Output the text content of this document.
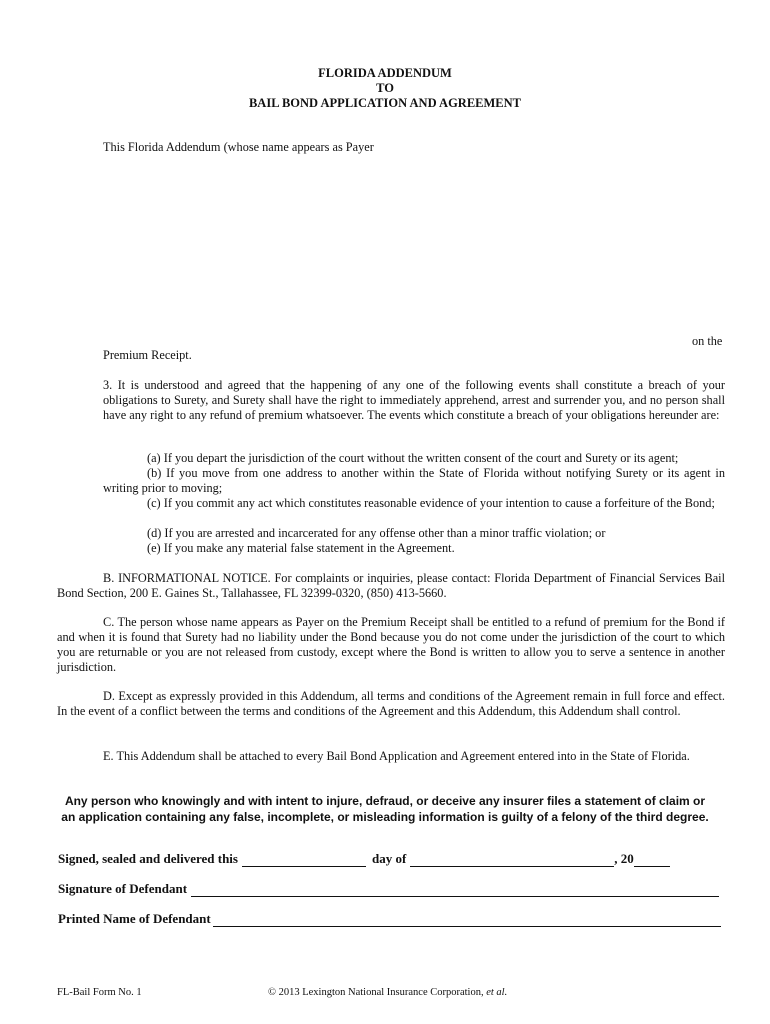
FLORIDA ADDENDUM
TO
BAIL BOND APPLICATION AND AGREEMENT
This Florida Addendum (whose name appears as Payer
on the
Premium Receipt.
3. It is understood and agreed that the happening of any one of the following events shall constitute a breach of your obligations to Surety, and Surety shall have the right to immediately apprehend, arrest and surrender you, and no person shall have any right to any refund of premium whatsoever. The events which constitute a breach of your obligations hereunder are:
(a) If you depart the jurisdiction of the court without the written consent of the court and Surety or its agent;
(b) If you move from one address to another within the State of Florida without notifying Surety or its agent in writing prior to moving;
(c) If you commit any act which constitutes reasonable evidence of your intention to cause a forfeiture of the Bond;
(d) If you are arrested and incarcerated for any offense other than a minor traffic violation; or
(e) If you make any material false statement in the Agreement.
B. INFORMATIONAL NOTICE. For complaints or inquiries, please contact: Florida Department of Financial Services Bail Bond Section, 200 E. Gaines St., Tallahassee, FL 32399-0320, (850) 413-5660.
C. The person whose name appears as Payer on the Premium Receipt shall be entitled to a refund of premium for the Bond if and when it is found that Surety had no liability under the Bond because you do not come under the jurisdiction of the court to which you are returnable or you are not released from custody, except where the Bond is written to allow you to serve a sentence in another jurisdiction.
D. Except as expressly provided in this Addendum, all terms and conditions of the Agreement remain in full force and effect. In the event of a conflict between the terms and conditions of the Agreement and this Addendum, this Addendum shall control.
E. This Addendum shall be attached to every Bail Bond Application and Agreement entered into in the State of Florida.
Any person who knowingly and with intent to injure, defraud, or deceive any insurer files a statement of claim or an application containing any false, incomplete, or misleading information is guilty of a felony of the third degree.
Signed, sealed and delivered this	day of	, 20
Signature of Defendant
Printed Name of Defendant
FL-Bail Form No. 1	© 2013 Lexington National Insurance Corporation, et al.
